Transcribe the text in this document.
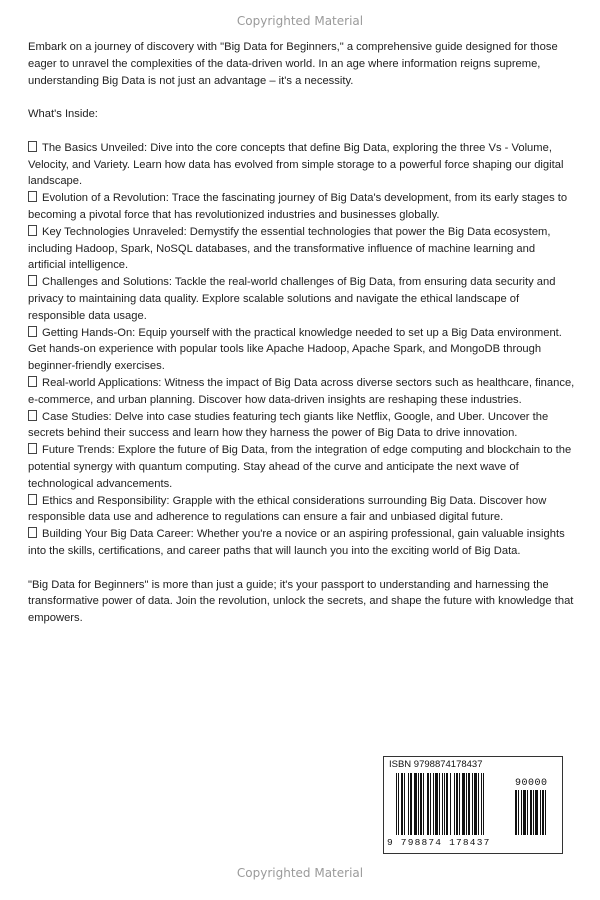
Copyrighted Material

Embark on a journey of discovery with "Big Data for Beginners," a comprehensive guide designed for those eager to unravel the complexities of the data-driven world. In an age where information reigns supreme, understanding Big Data is not just an advantage – it's a necessity.

What's Inside:

The Basics Unveiled: Dive into the core concepts that define Big Data, exploring the three Vs - Volume, Velocity, and Variety. Learn how data has evolved from simple storage to a powerful force shaping our digital landscape.

Evolution of a Revolution: Trace the fascinating journey of Big Data's development, from its early stages to becoming a pivotal force that has revolutionized industries and businesses globally.

Key Technologies Unraveled: Demystify the essential technologies that power the Big Data ecosystem, including Hadoop, Spark, NoSQL databases, and the transformative influence of machine learning and artificial intelligence.

Challenges and Solutions: Tackle the real-world challenges of Big Data, from ensuring data security and privacy to maintaining data quality. Explore scalable solutions and navigate the ethical landscape of responsible data usage.

Getting Hands-On: Equip yourself with the practical knowledge needed to set up a Big Data environment. Get hands-on experience with popular tools like Apache Hadoop, Apache Spark, and MongoDB through beginner-friendly exercises.

Real-world Applications: Witness the impact of Big Data across diverse sectors such as healthcare, finance, e-commerce, and urban planning. Discover how data-driven insights are reshaping these industries.

Case Studies: Delve into case studies featuring tech giants like Netflix, Google, and Uber. Uncover the secrets behind their success and learn how they harness the power of Big Data to drive innovation.

Future Trends: Explore the future of Big Data, from the integration of edge computing and blockchain to the potential synergy with quantum computing. Stay ahead of the curve and anticipate the next wave of technological advancements.

Ethics and Responsibility: Grapple with the ethical considerations surrounding Big Data. Discover how responsible data use and adherence to regulations can ensure a fair and unbiased digital future.

Building Your Big Data Career: Whether you're a novice or an aspiring professional, gain valuable insights into the skills, certifications, and career paths that will launch you into the exciting world of Big Data.

"Big Data for Beginners" is more than just a guide; it's your passport to understanding and harnessing the transformative power of data. Join the revolution, unlock the secrets, and shape the future with knowledge that empowers.

ISBN 9798874178437
90000
9 798874 178437
Copyrighted Material
